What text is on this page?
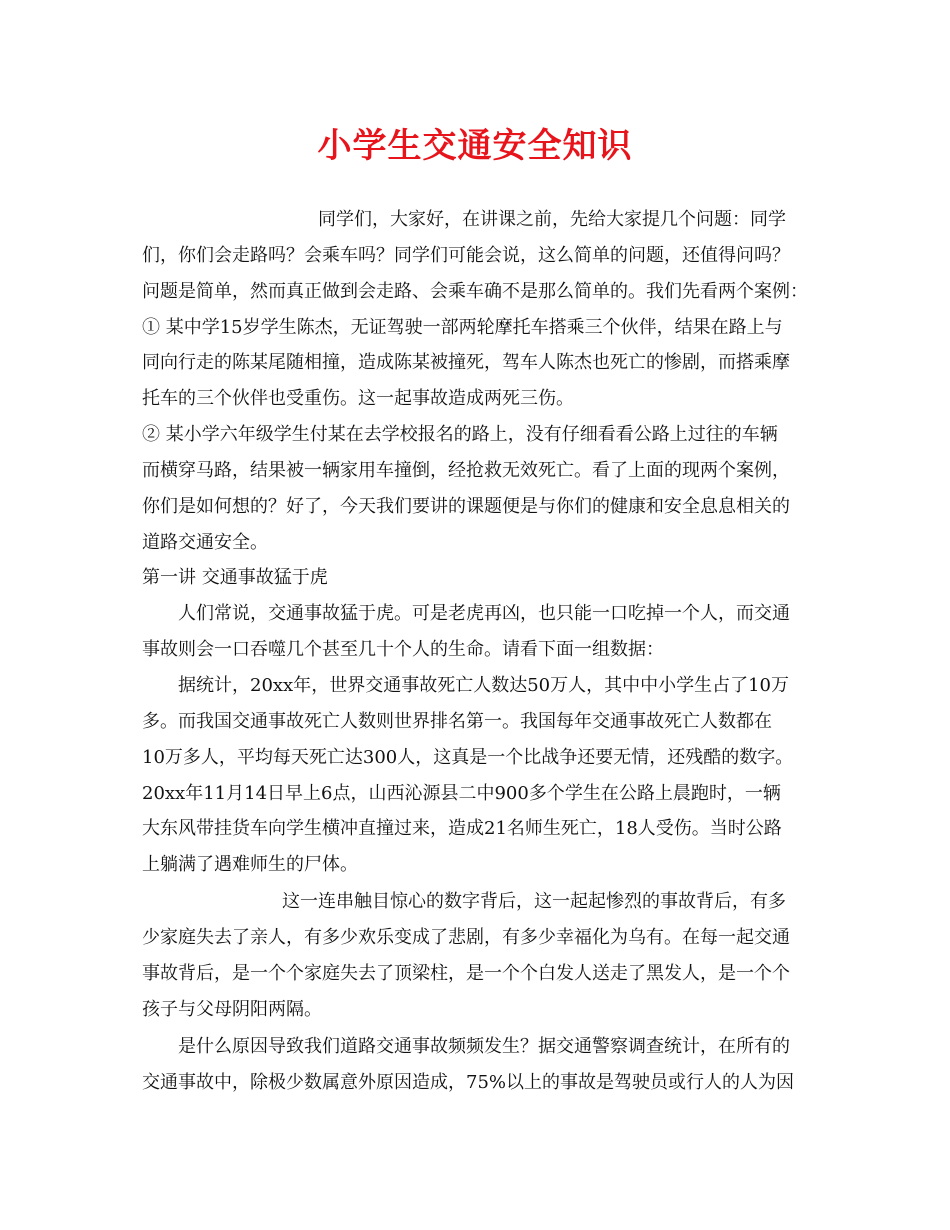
小学生交通安全知识
同学们，大家好，在讲课之前，先给大家提几个问题：同学
们，你们会走路吗？会乘车吗？同学们可能会说，这么简单的问题，还值得问吗？
问题是简单，然而真正做到会走路、会乘车确不是那么简单的。我们先看两个案例：
① 某中学15岁学生陈杰，无证驾驶一部两轮摩托车搭乘三个伙伴，结果在路上与
同向行走的陈某尾随相撞，造成陈某被撞死，驾车人陈杰也死亡的惨剧，而搭乘摩
托车的三个伙伴也受重伤。这一起事故造成两死三伤。
② 某小学六年级学生付某在去学校报名的路上，没有仔细看看公路上过往的车辆
而横穿马路，结果被一辆家用车撞倒，经抢救无效死亡。看了上面的现两个案例，
你们是如何想的？好了，今天我们要讲的课题便是与你们的健康和安全息息相关的
道路交通安全。
第一讲 交通事故猛于虎
人们常说，交通事故猛于虎。可是老虎再凶，也只能一口吃掉一个人，而交通
事故则会一口吞噬几个甚至几十个人的生命。请看下面一组数据：
据统计，20xx年，世界交通事故死亡人数达50万人，其中中小学生占了10万
多。而我国交通事故死亡人数则世界排名第一。我国每年交通事故死亡人数都在
10万多人，平均每天死亡达300人，这真是一个比战争还要无情，还残酷的数字。
20xx年11月14日早上6点，山西沁源县二中900多个学生在公路上晨跑时，一辆
大东风带挂货车向学生横冲直撞过来，造成21名师生死亡，18人受伤。当时公路
上躺满了遇难师生的尸体。
这一连串触目惊心的数字背后，这一起起惨烈的事故背后，有多
少家庭失去了亲人，有多少欢乐变成了悲剧，有多少幸福化为乌有。在每一起交通
事故背后，是一个个家庭失去了顶梁柱，是一个个白发人送走了黑发人，是一个个
孩子与父母阴阳两隔。
是什么原因导致我们道路交通事故频频发生？据交通警察调查统计，在所有的
交通事故中，除极少数属意外原因造成，75%以上的事故是驾驶员或行人的人为因
